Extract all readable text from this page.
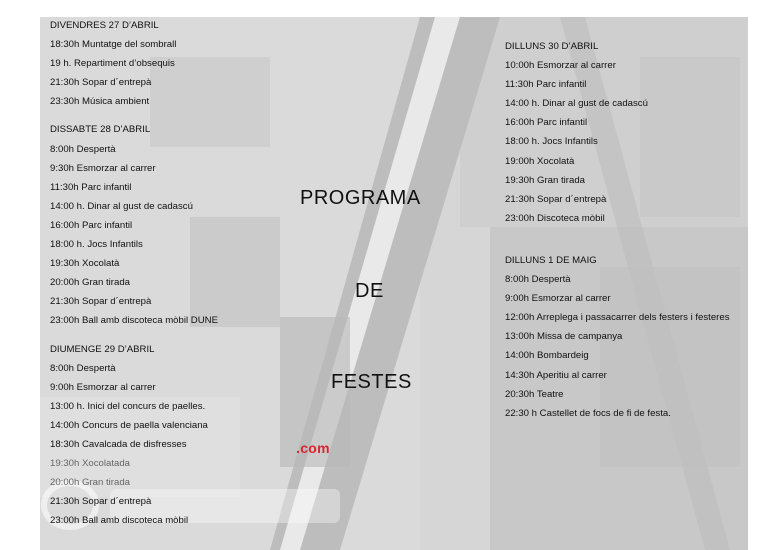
DIVENDRES 27 D’ABRIL
18:30h Muntatge del sombrall
19 h. Repartiment d’obsequis
21:30h Sopar d´entrepà
23:30h Música ambient
DISSABTE 28 D’ABRIL
8:00h Despertà
9:30h Esmorzar al carrer
11:30h Parc infantil
14:00 h. Dinar al gust de cadascú
16:00h Parc infantil
18:00 h. Jocs Infantils
19:30h Xocolatà
20:00h Gran tirada
21:30h Sopar d´entrepà
23:00h Ball amb discoteca mòbil DUNE
DIUMENGE 29 D’ABRIL
8:00h Despertà
9:00h Esmorzar al carrer
13:00 h. Inici del concurs de paelles.
14:00h Concurs de paella valenciana
18:30h Cavalcada de disfresses
19:30h Xocolatada
20:00h Gran tirada
21:30h Sopar d´entrepà
23:00h Ball amb discoteca mòbil
PROGRAMA
DE
FESTES
.com
DILLUNS 30 D’ABRIL
10:00h Esmorzar al carrer
11:30h Parc infantil
14:00 h. Dinar al gust de cadascú
16:00h Parc infantil
18:00 h. Jocs Infantils
19:00h Xocolatà
19:30h Gran tirada
21:30h Sopar d´entrepà
23:00h Discoteca mòbil
DILLUNS 1 DE MAIG
8:00h Despertà
9:00h Esmorzar al carrer
12:00h Arreplega i passacarrer dels festers i festeres
13:00h Missa de campanya
14:00h Bombardeig
14:30h Aperitiu al carrer
20:30h Teatre
22:30 h Castellet de focs de fi de festa.
